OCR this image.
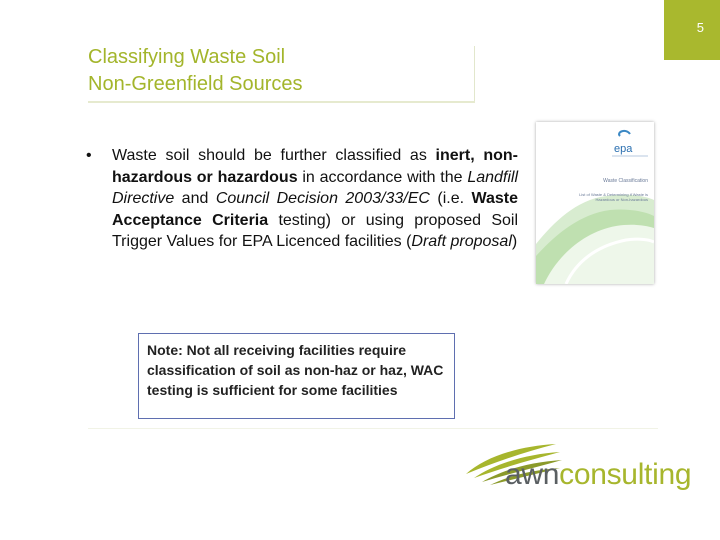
5
Classifying Waste Soil
Non-Greenfield Sources
• Waste soil should be further classified as inert, non-hazardous or hazardous in accordance with the Landfill Directive and Council Decision 2003/33/EC (i.e. Waste Acceptance Criteria testing) or using proposed Soil Trigger Values for EPA Licenced facilities (Draft proposal)

Note: Not all receiving facilities require classification of soil as non-haz or haz, WAC testing is sufficient for some facilities

epa
Waste Classification
List of Waste & Determining if Waste is Hazardous or Non-hazardous
awnconsulting
